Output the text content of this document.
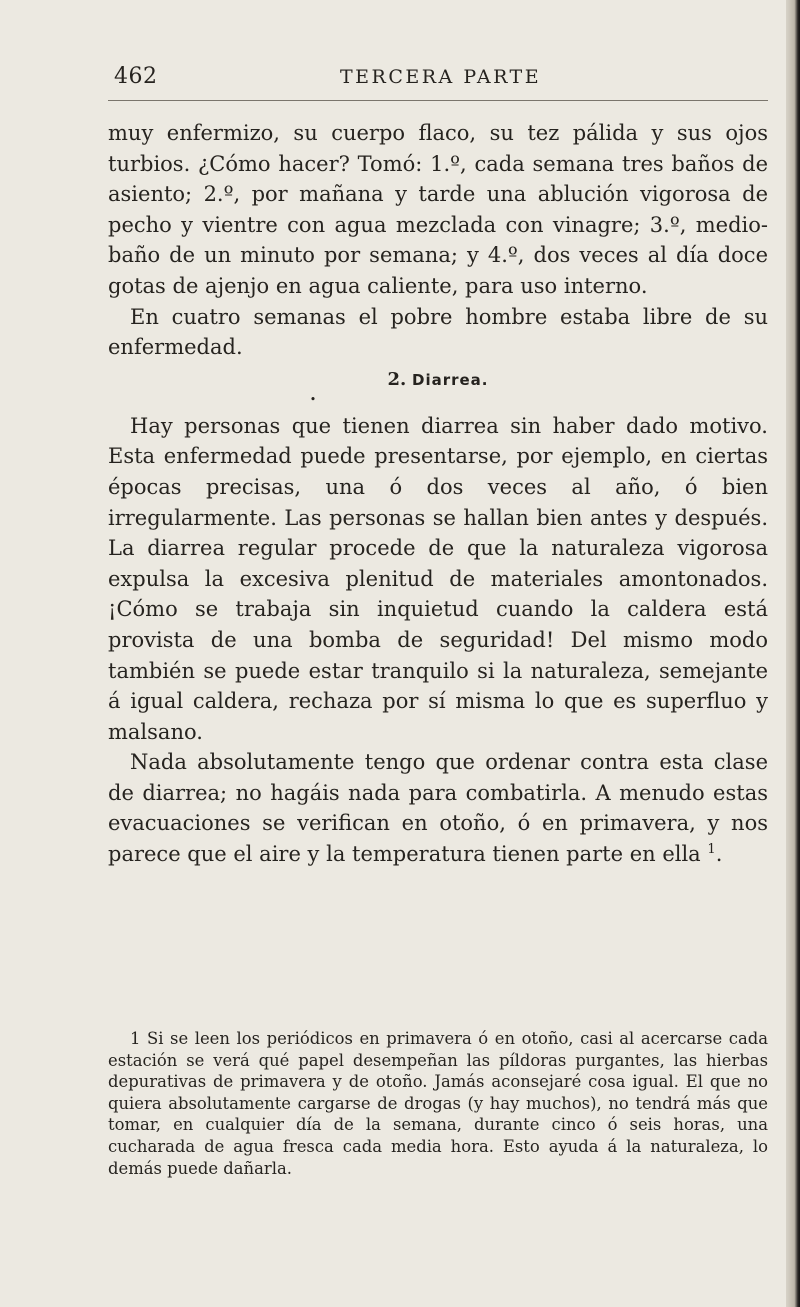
462	TERCERA PARTE

muy enfermizo, su cuerpo flaco, su tez pálida y sus ojos turbios. ¿Cómo hacer? Tomó: 1.º, cada semana tres baños de asiento; 2.º, por mañana y tarde una ablución vigorosa de pecho y vientre con agua mezclada con vinagre; 3.º, medio-baño de un minuto por semana; y 4.º, dos veces al día doce gotas de ajenjo en agua caliente, para uso interno.

En cuatro semanas el pobre hombre estaba libre de su enfermedad.

2. Diarrea.
•

Hay personas que tienen diarrea sin haber dado motivo. Esta enfermedad puede presentarse, por ejemplo, en ciertas épocas precisas, una ó dos veces al año, ó bien irregularmente. Las personas se hallan bien antes y después. La diarrea regular procede de que la naturaleza vigorosa expulsa la excesiva plenitud de materiales amontonados. ¡Cómo se trabaja sin inquietud cuando la caldera está provista de una bomba de seguridad! Del mismo modo también se puede estar tranquilo si la naturaleza, semejante á igual caldera, rechaza por sí misma lo que es superfluo y malsano.

Nada absolutamente tengo que ordenar contra esta clase de diarrea; no hagáis nada para combatirla. A menudo estas evacuaciones se verifican en otoño, ó en primavera, y nos parece que el aire y la temperatura tienen parte en ella $^1$.

1 Si se leen los periódicos en primavera ó en otoño, casi al acercarse cada estación se verá qué papel desempeñan las píldoras purgantes, las hierbas depurativas de primavera y de otoño. Jamás aconsejaré cosa igual. El que no quiera absolutamente cargarse de drogas (y hay muchos), no tendrá más que tomar, en cualquier día de la semana, durante cinco ó seis horas, una cucharada de agua fresca cada media hora. Esto ayuda á la naturaleza, lo demás puede dañarla.
